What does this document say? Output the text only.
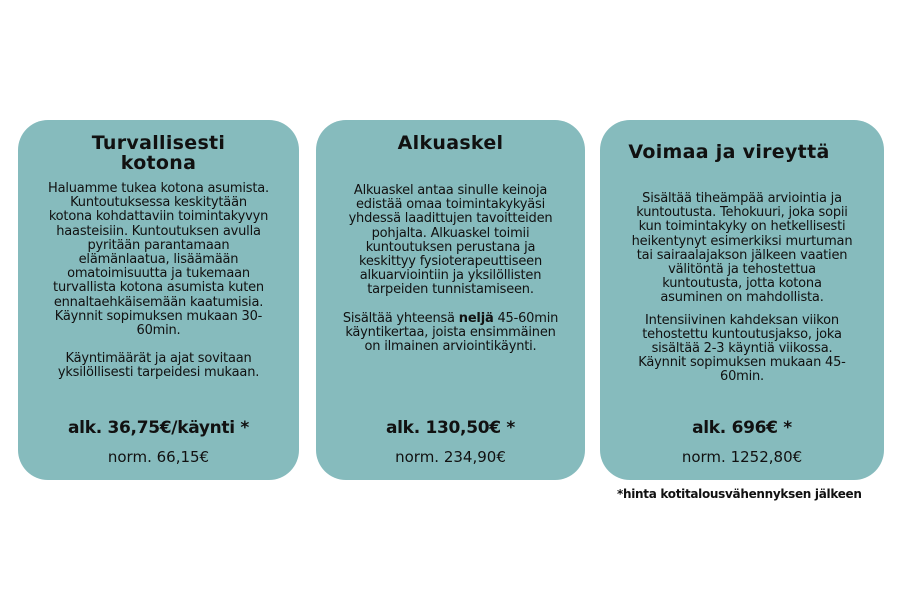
Turvallisesti
kotona
Haluamme tukea kotona asumista.
Kuntoutuksessa keskitytään
kotona kohdattaviin toimintakyvyn
haasteisiin. Kuntoutuksen avulla
pyritään parantamaan
elämänlaatua, lisäämään
omatoimisuutta ja tukemaan
turvallista kotona asumista kuten
ennaltaehkäisemään kaatumisia.
Käynnit sopimuksen mukaan 30-
60min.
Käyntimäärät ja ajat sovitaan
yksilöllisesti tarpeidesi mukaan.
alk. 36,75€/käynti *
norm. 66,15€
Alkuaskel
Alkuaskel antaa sinulle keinoja
edistää omaa toimintakykyäsi
yhdessä laadittujen tavoitteiden
pohjalta. Alkuaskel toimii
kuntoutuksen perustana ja
keskittyy fysioterapeuttiseen
alkuarviointiin ja yksilöllisten
tarpeiden tunnistamiseen.
Sisältää yhteensä neljä 45-60min
käyntikertaa, joista ensimmäinen
on ilmainen arviointikäynti.
alk. 130,50€ *
norm. 234,90€
Voimaa ja vireyttä
Sisältää tiheämpää arviointia ja
kuntoutusta. Tehokuuri, joka sopii
kun toimintakyky on hetkellisesti
heikentynyt esimerkiksi murtuman
tai sairaalajakson jälkeen vaatien
välitöntä ja tehostettua
kuntoutusta, jotta kotona
asuminen on mahdollista.
Intensiivinen kahdeksan viikon
tehostettu kuntoutusjakso, joka
sisältää 2-3 käyntiä viikossa.
Käynnit sopimuksen mukaan 45-
60min.
alk. 696€ *
norm. 1252,80€
*hinta kotitalousvähennyksen jälkeen
